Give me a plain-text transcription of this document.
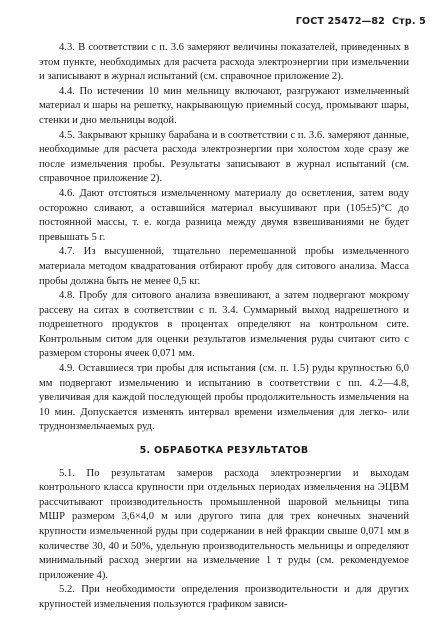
ГОСТ 25472—82 Стр. 5

4.3. В соответствии с п. 3.6 замеряют величины показателей, приведенных в этом пункте, необходимых для расчета расхода электроэнергии при измельчении и записывают в журнал испытаний (см. справочное приложение 2).

4.4. По истечении 10 мин мельницу включают, разгружают измельченный материал и шары на решетку, накрывающую приемный сосуд, промывают шары, стенки и дно мельницы водой.

4.5. Закрывают крышку барабана и в соответствии с п. 3.6. замеряют данные, необходимые для расчета расхода электроэнергии при холостом ходе сразу же после измельчения пробы. Результаты записывают в журнал испытаний (см. справочное приложение 2).

4.6. Дают отстояться измельченному материалу до осветления, затем воду осторожно сливают, а оставшийся материал высушивают при (105±5)°С до постоянной массы, т. е. когда разница между двумя взвешиваниями не будет превышать 5 г.

4.7. Из высушенной, тщательно перемешанной пробы измельченного материала методом квадратования отбирают пробу для ситового анализа. Масса пробы должна быть не менее 0,5 кг.

4.8. Пробу для ситового анализа взвешивают, а затем подвергают мокрому рассеву на ситах в соответствии с п. 3.4. Суммарный выход надрешетного и подрешетного продуктов в процентах определяют на контрольном сите. Контрольным ситом для оценки результатов измельчения руды считают сито с размером стороны ячеек 0,071 мм.

4.9. Оставшиеся три пробы для испытания (см. п. 1.5) руды крупностью 6,0 мм подвергают измельчению и испытанию в соответствии с пп. 4.2—4.8, увеличивая для каждой последующей пробы продолжительность измельчения на 10 мин. Допускается изменять интервал времени измельчения для легко- или труднонзмельчаемых руд.

5. ОБРАБОТКА РЕЗУЛЬТАТОВ

5.1. По результатам замеров расхода электроэнергии и выходам контрольного класса крупности при отдельных периодах измельчения на ЭЦВМ рассчитывают производительность промышленной шаровой мельницы типа МШР размером 3,6×4,0 м или другого типа для трех конечных значений крупности измельченной руды при содержании в ней фракции свыше 0,071 мм в количестве 30, 40 и 50%, удельную производительность мельницы и определяют минимальный расход энергии на измельчение 1 т руды (см. рекомендуемое приложение 4).

5.2. При необходимости определения производительности и для других крупностей измельчения пользуются графиком зависи-
